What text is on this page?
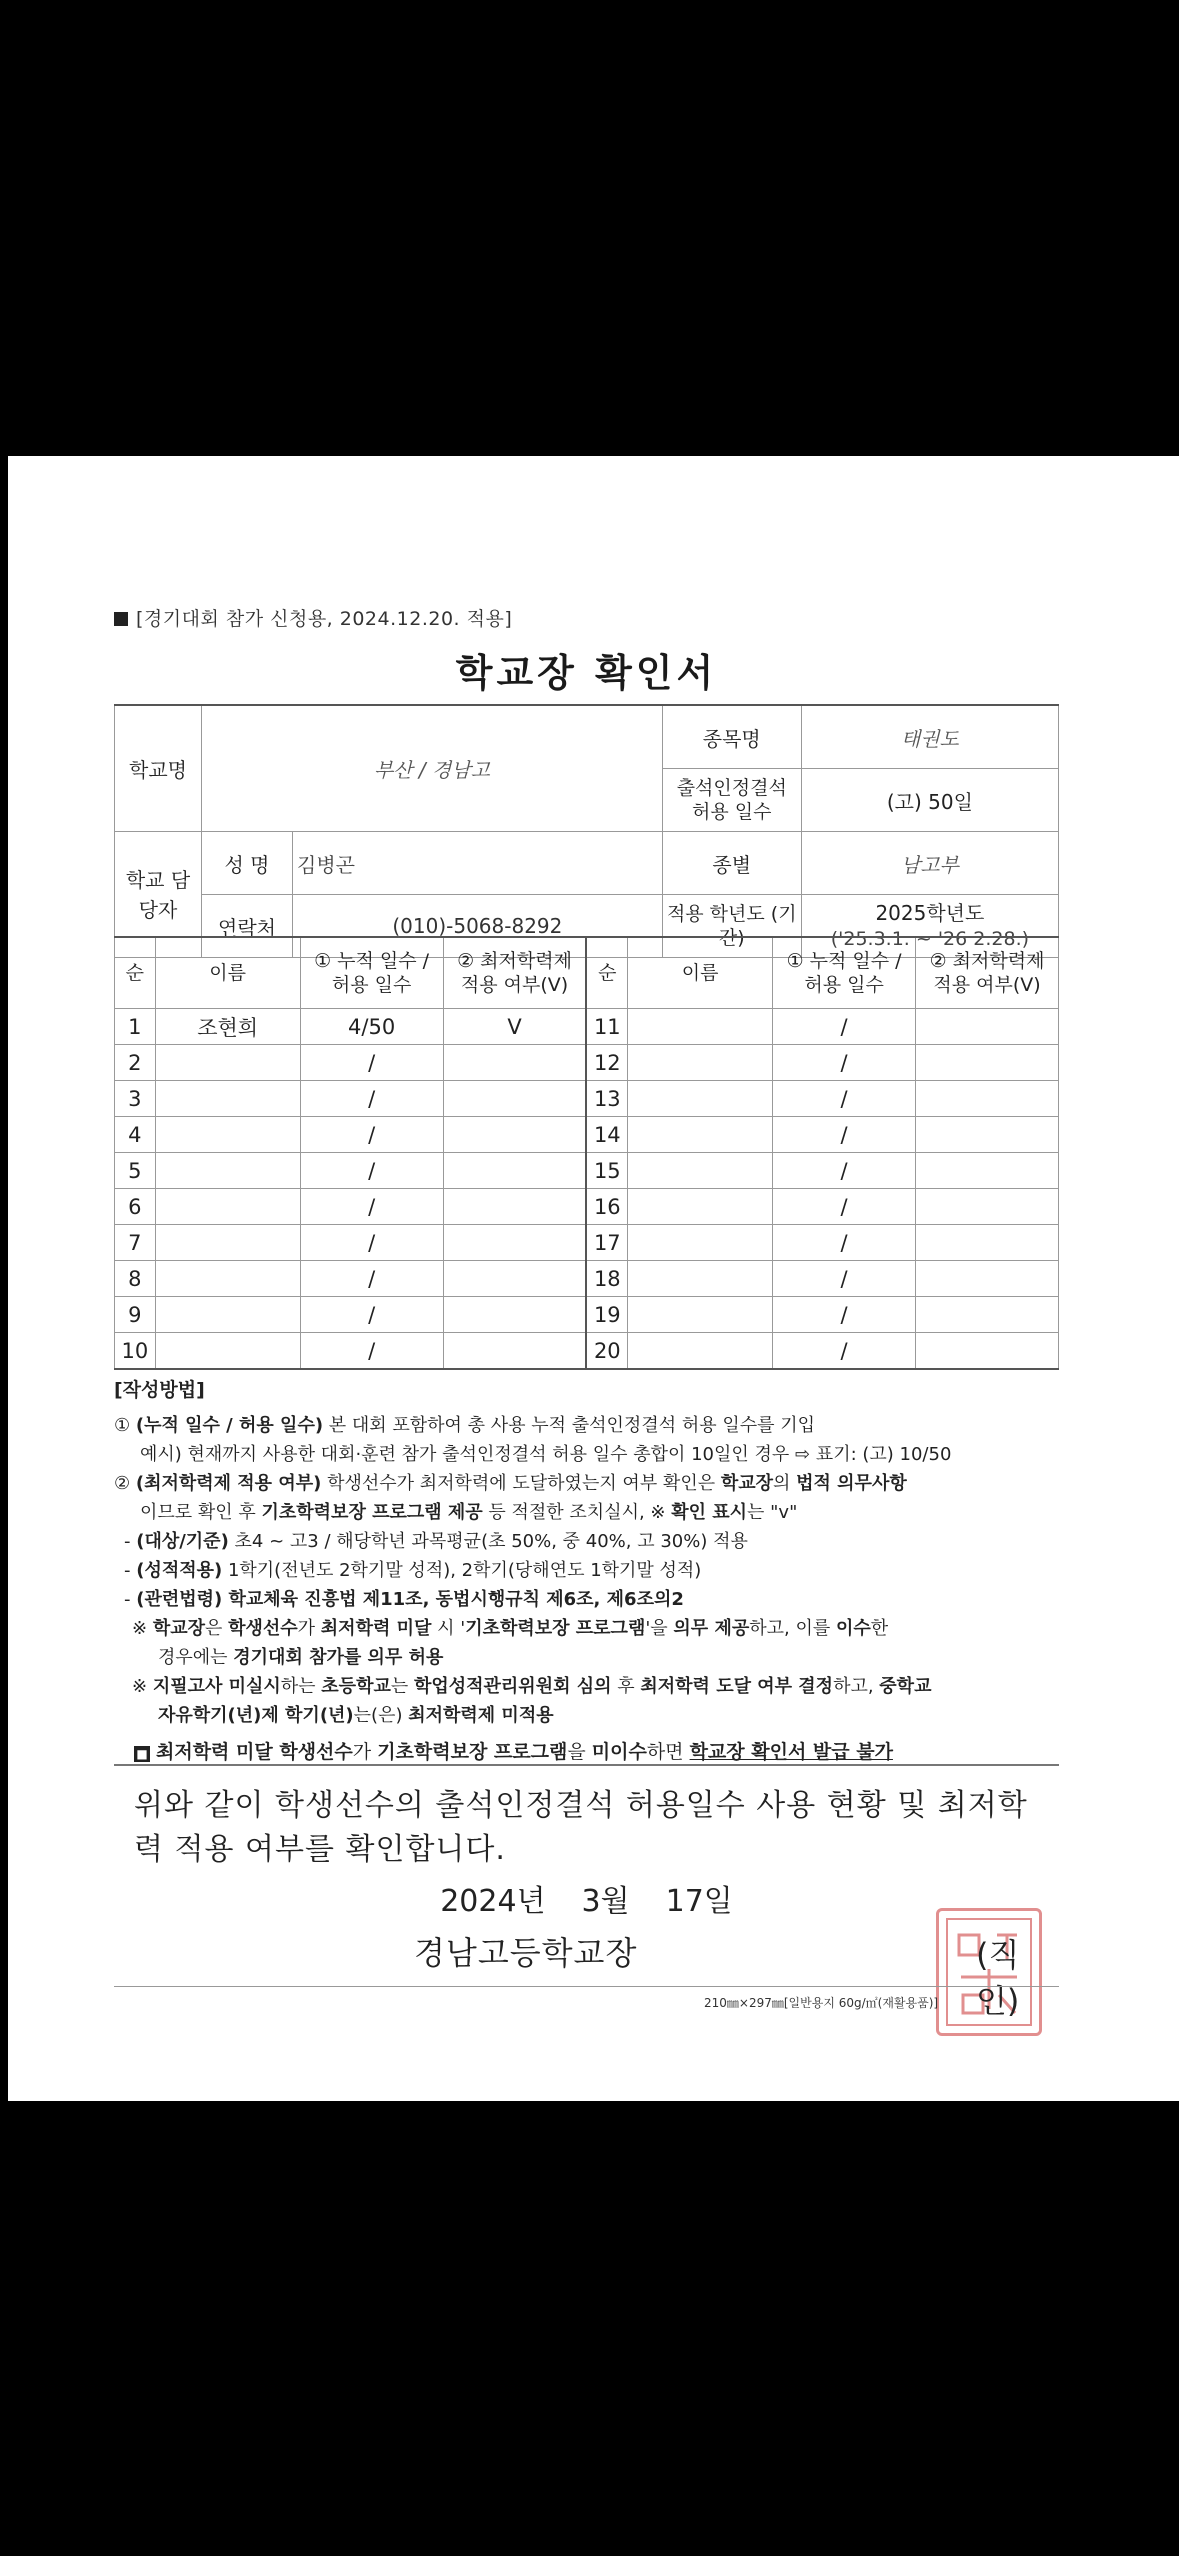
[경기대회 참가 신청용, 2024.12.20. 적용]
학교장 확인서
학교명	부산 / 경남고		종목명	태권도
			출석인정결석 허용 일수	(고) 50일
학교 담당자	성 명	김병곤	종별	남고부
	연락처	(010)-5068-8292	적용 학년도 (기간)	2025학년도
('25.3.1. ~ '26 2.28.)
순	이름	① 누적 일수 / 허용 일수	② 최저학력제 적용 여부(V)	순	이름	① 누적 일수 / 허용 일수	② 최저학력제 적용 여부(V)
1	조현희	4/50	V	11		/	
2		/		12		/	
3		/		13		/	
4		/		14		/	
5		/		15		/	
6		/		16		/	
7		/		17		/	
8		/		18		/	
9		/		19		/	
10		/		20		/	
[작성방법]
① (누적 일수 / 허용 일수) 본 대회 포함하여 총 사용 누적 출석인정결석 허용 일수를 기입
예시) 현재까지 사용한 대회·훈련 참가 출석인정결석 허용 일수 총합이 10일인 경우 ⇨ 표기: (고) 10/50
② (최저학력제 적용 여부) 학생선수가 최저학력에 도달하였는지 여부 확인은 학교장의 법적 의무사항
이므로 확인 후 기초학력보장 프로그램 제공 등 적절한 조치실시, ※ 확인 표시는 "v"
- (대상/기준) 초4 ~ 고3 / 해당학년 과목평균(초 50%, 중 40%, 고 30%) 적용
- (성적적용) 1학기(전년도 2학기말 성적), 2학기(당해연도 1학기말 성적)
- (관련법령) 학교체육 진흥법 제11조, 동법시행규칙 제6조, 제6조의2
※ 학교장은 학생선수가 최저학력 미달 시 '기초학력보장 프로그램'을 의무 제공하고, 이를 이수한
경우에는 경기대회 참가를 의무 허용
※ 지필고사 미실시하는 초등학교는 학업성적관리위원회 심의 후 최저학력 도달 여부 결정하고, 중학교
자유학기(년)제 학기(년)는(은) 최저학력제 미적용
■ 최저학력 미달 학생선수가 기초학력보장 프로그램을 미이수하면 학교장 확인서 발급 불가
위와 같이 학생선수의 출석인정결석 허용일수 사용 현황 및 최저학력 적용 여부를 확인합니다.
2024년 3월 17일
경남고등학교장	(직인)
210㎜×297㎜[일반용지 60g/㎡(재활용품)]
